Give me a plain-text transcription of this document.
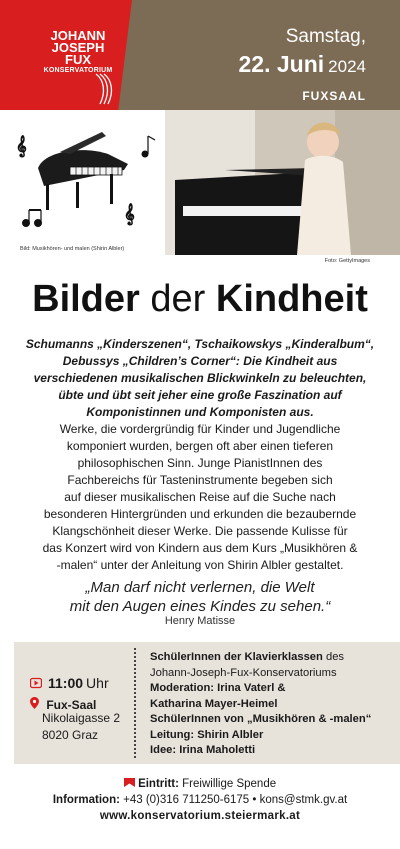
JOHANN
JOSEPH
FUX
KONSERVATORIUM
Samstag,
22. Juni 2024
FUXSAAL
𝄞
𝄞
Bild: Musikhören- und malen (Shirin Albler)
Foto: GettyImages
Bilder der Kindheit
Schumanns „Kinderszenen“, Tschaikowskys „Kinderalbum“,
Debussys „Children’s Corner“: Die Kindheit aus
verschiedenen musikalischen Blickwinkeln zu beleuchten,
übte und übt seit jeher eine große Faszination auf
Komponistinnen und Komponisten aus.
Werke, die vordergründig für Kinder und Jugendliche
komponiert wurden, bergen oft aber einen tieferen
philosophischen Sinn. Junge PianistInnen des
Fachbereichs für Tasteninstrumente begeben sich
auf dieser musikalischen Reise auf die Suche nach
besonderen Hintergründen und erkunden die bezaubernde
Klangschönheit dieser Werke. Die passende Kulisse für
das Konzert wird von Kindern aus dem Kurs „Musikhören &
-malen“ unter der Anleitung von Shirin Albler gestaltet.
„Man darf nicht verlernen, die Welt
mit den Augen eines Kindes zu sehen.“
Henry Matisse
11:00 Uhr
Fux-Saal
Nikolaigasse 2
8020 Graz
SchülerInnen der Klavierklassen des
Johann-Joseph-Fux-Konservatoriums
Moderation: Irina Vaterl &
Katharina Mayer-Heimel
SchülerInnen von „Musikhören & -malen“
Leitung: Shirin Albler
Idee: Irina Maholetti
Eintritt: Freiwillige Spende
Information: +43 (0)316 711250-6175 • kons@stmk.gv.at
www.konservatorium.steiermark.at
